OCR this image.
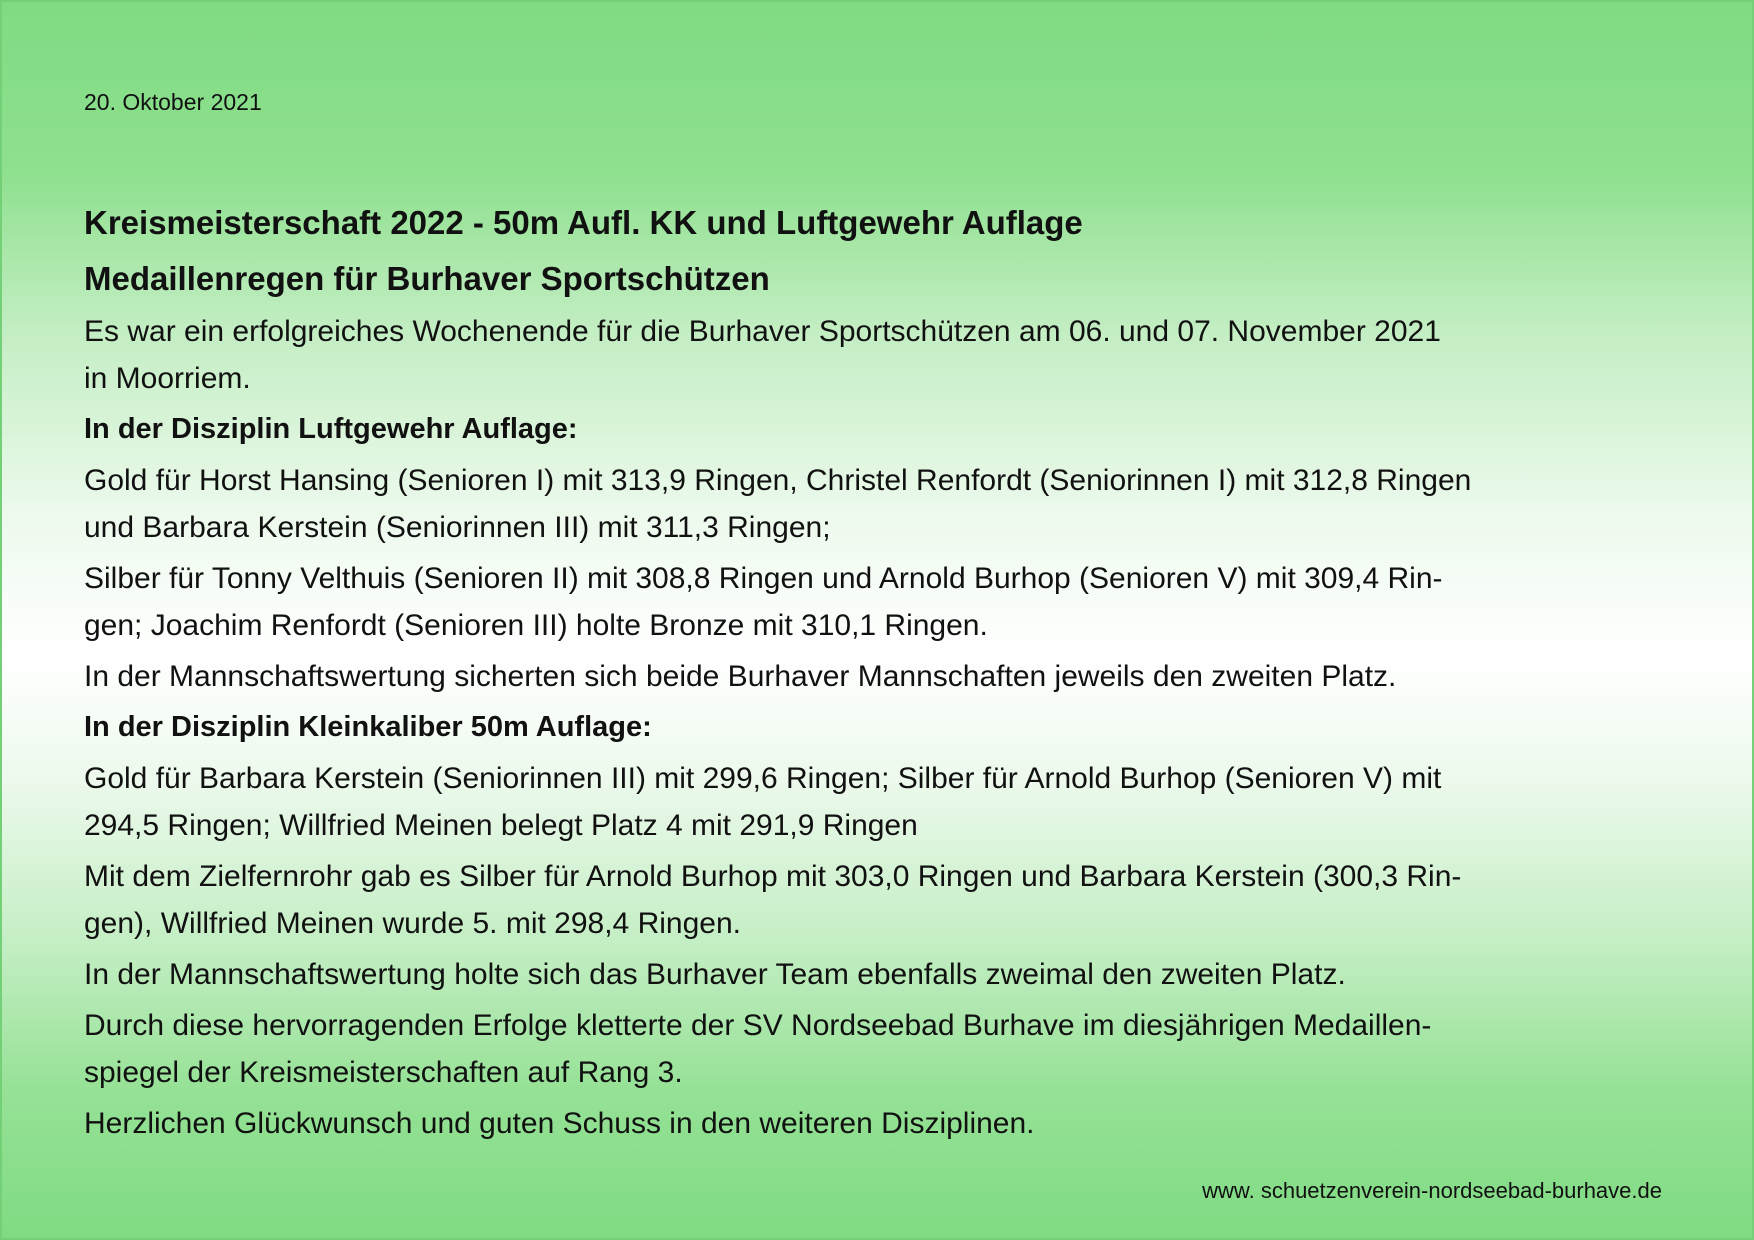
20. Oktober 2021
Kreismeisterschaft 2022 - 50m Aufl. KK und Luftgewehr Auflage
Medaillenregen für Burhaver Sportschützen

Es war ein erfolgreiches Wochenende für die Burhaver Sportschützen am 06. und 07. November 2021
in Moorriem.

In der Disziplin Luftgewehr Auflage:

Gold für Horst Hansing (Senioren I) mit 313,9 Ringen, Christel Renfordt (Seniorinnen I) mit 312,8 Ringen
und Barbara Kerstein (Seniorinnen III) mit 311,3 Ringen;

Silber für Tonny Velthuis (Senioren II) mit 308,8 Ringen und Arnold Burhop (Senioren V) mit 309,4 Rin-
gen; Joachim Renfordt (Senioren III) holte Bronze mit 310,1 Ringen.

In der Mannschaftswertung sicherten sich beide Burhaver Mannschaften jeweils den zweiten Platz.

In der Disziplin Kleinkaliber 50m Auflage:

Gold für Barbara Kerstein (Seniorinnen III) mit 299,6 Ringen; Silber für Arnold Burhop (Senioren V) mit
294,5 Ringen; Willfried Meinen belegt Platz 4 mit 291,9 Ringen

Mit dem Zielfernrohr gab es Silber für Arnold Burhop mit 303,0 Ringen und Barbara Kerstein (300,3 Rin-
gen), Willfried Meinen wurde 5. mit 298,4 Ringen.

In der Mannschaftswertung holte sich das Burhaver Team ebenfalls zweimal den zweiten Platz.

Durch diese hervorragenden Erfolge kletterte der SV Nordseebad Burhave im diesjährigen Medaillen-
spiegel der Kreismeisterschaften auf Rang 3.

Herzlichen Glückwunsch und guten Schuss in den weiteren Disziplinen.

www. schuetzenverein-nordseebad-burhave.de
